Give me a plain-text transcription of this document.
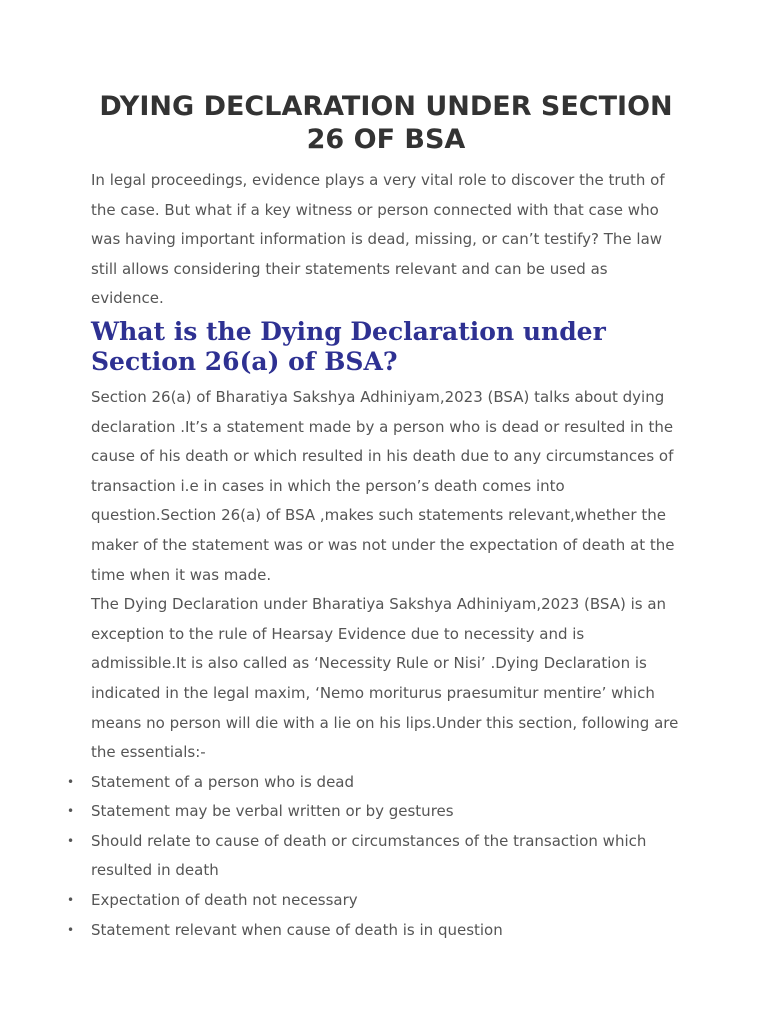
DYING DECLARATION UNDER SECTION 26 OF BSA

In legal proceedings, evidence plays a very vital role to discover the truth of the case. But what if a key witness or person connected with that case who was having important information is dead, missing, or can’t testify? The law still allows considering their statements relevant and can be used as evidence.

What is the Dying Declaration under Section 26(a) of BSA?

Section 26(a) of Bharatiya Sakshya Adhiniyam,2023 (BSA) talks about dying declaration .It’s a statement made by a person who is dead or resulted in the cause of his death or which resulted in his death due to any circumstances of transaction i.e in cases in which the person’s death comes into question.Section 26(a) of BSA ,makes such statements relevant,whether the maker of the statement was or was not under the expectation of death at the time when it was made.

The Dying Declaration under Bharatiya Sakshya Adhiniyam,2023 (BSA) is an exception to the rule of Hearsay Evidence due to necessity and is admissible.It is also called as ‘Necessity Rule or Nisi’ .Dying Declaration is indicated in the legal maxim, ‘Nemo moriturus praesumitur mentire’ which means no person will die with a lie on his lips.Under this section, following are the essentials:-

• Statement of a person who is dead
• Statement may be verbal written or by gestures
• Should relate to cause of death or circumstances of the transaction which resulted in death
• Expectation of death not necessary
• Statement relevant when cause of death is in question
